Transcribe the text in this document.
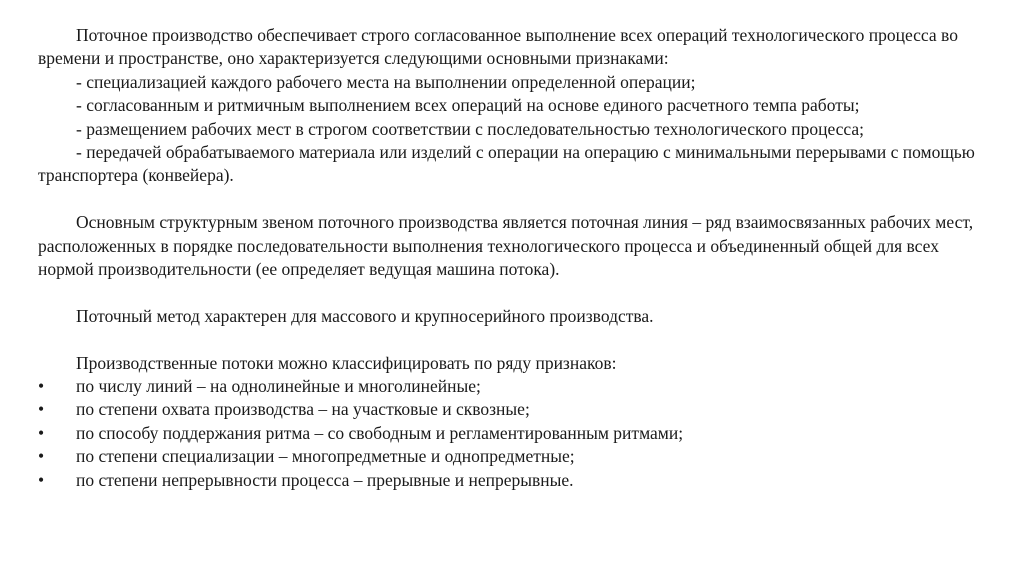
Поточное производство обеспечивает строго согласованное выполнение всех операций технологического процесса во времени и пространстве, оно характеризуется следующими основными признаками:

- специализацией каждого рабочего места на выполнении определенной операции;

- согласованным и ритмичным выполнением всех операций на основе единого расчетного темпа работы;

- размещением рабочих мест в строгом соответствии с последовательностью технологического процесса;

- передачей обрабатываемого материала или изделий с операции на операцию с минимальными перерывами с помощью транспортера (конвейера).

Основным структурным звеном поточного производства является поточная линия – ряд взаимосвязанных рабочих мест, расположенных в порядке последовательности выполнения технологического процесса и объединенный общей для всех нормой производительности (ее определяет ведущая машина потока).

Поточный метод характерен для массового и крупносерийного производства.

Производственные потоки можно классифицировать по ряду признаков:

• по числу линий – на однолинейные и многолинейные;
• по степени охвата производства – на участковые и сквозные;
• по способу поддержания ритма – со свободным и регламентированным ритмами;
• по степени специализации – многопредметные и однопредметные;
• по степени непрерывности процесса – прерывные и непрерывные.
